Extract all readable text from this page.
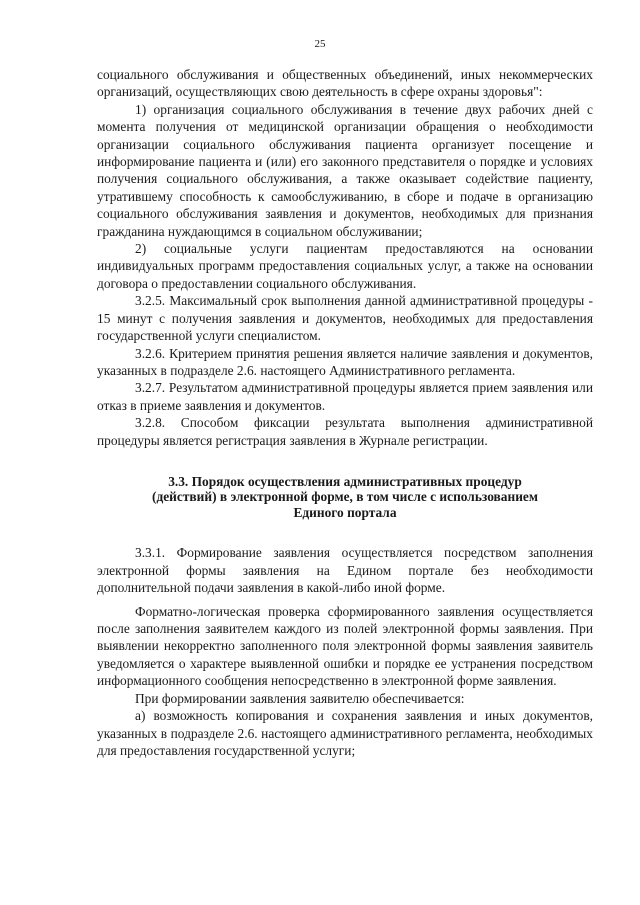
25

социального обслуживания и общественных объединений, иных некоммерческих организаций, осуществляющих свою деятельность в сфере охраны здоровья":

1) организация социального обслуживания в течение двух рабочих дней с момента получения от медицинской организации обращения о необходимости организации социального обслуживания пациента организует посещение и информирование пациента и (или) его законного представителя о порядке и условиях получения социального обслуживания, а также оказывает содействие пациенту, утратившему способность к самообслуживанию, в сборе и подаче в организацию социального обслуживания заявления и документов, необходимых для признания гражданина нуждающимся в социальном обслуживании;

2) социальные услуги пациентам предоставляются на основании индивидуальных программ предоставления социальных услуг, а также на основании договора о предоставлении социального обслуживания.

3.2.5. Максимальный срок выполнения данной административной процедуры - 15 минут с получения заявления и документов, необходимых для предоставления государственной услуги специалистом.

3.2.6. Критерием принятия решения является наличие заявления и документов, указанных в подразделе 2.6. настоящего Административного регламента.

3.2.7. Результатом административной процедуры является прием заявления или отказ в приеме заявления и документов.

3.2.8. Способом фиксации результата выполнения административной процедуры является регистрация заявления в Журнале регистрации.

3.3. Порядок осуществления административных процедур (действий) в электронной форме, в том числе с использованием Единого портала

3.3.1. Формирование заявления осуществляется посредством заполнения электронной формы заявления на Едином портале без необходимости дополнительной подачи заявления в какой-либо иной форме.

Форматно-логическая проверка сформированного заявления осуществляется после заполнения заявителем каждого из полей электронной формы заявления. При выявлении некорректно заполненного поля электронной формы заявления заявитель уведомляется о характере выявленной ошибки и порядке ее устранения посредством информационного сообщения непосредственно в электронной форме заявления.

При формировании заявления заявителю обеспечивается:

а) возможность копирования и сохранения заявления и иных документов, указанных в подразделе 2.6. настоящего административного регламента, необходимых для предоставления государственной услуги;
